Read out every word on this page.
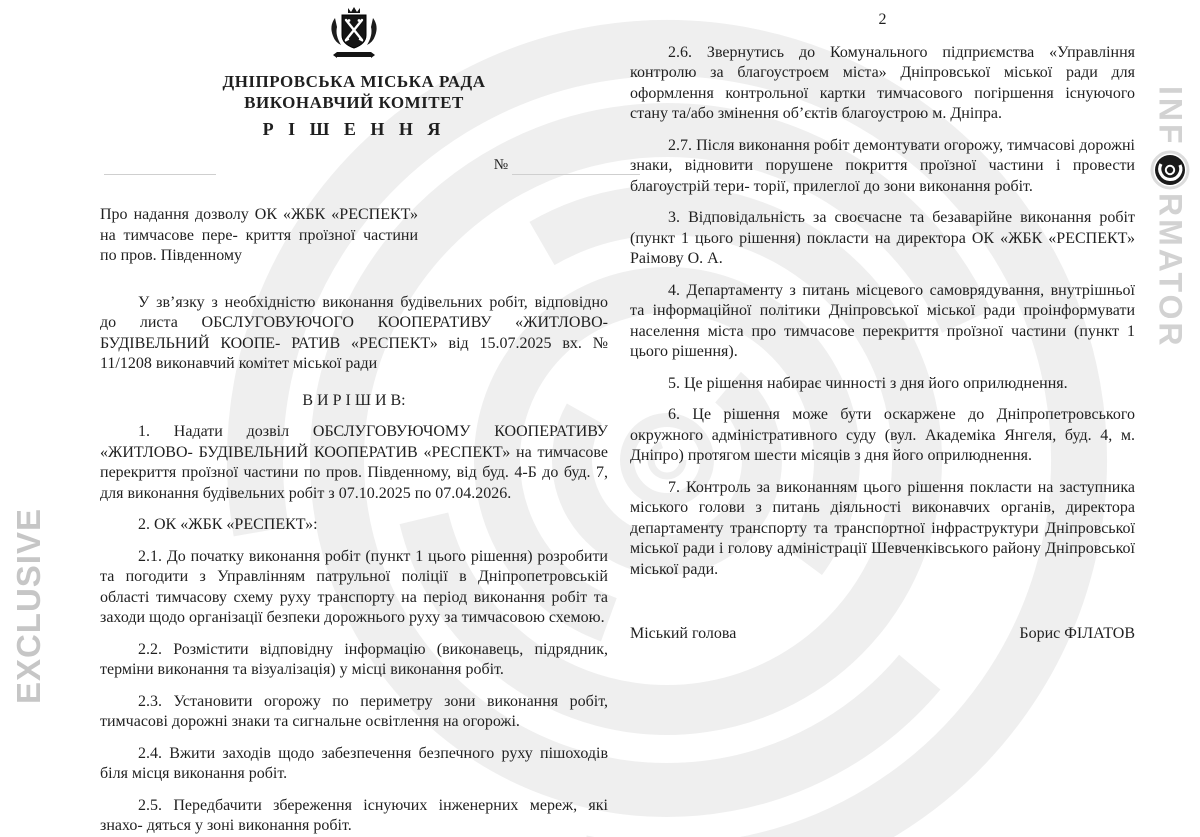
EXCLUSIVE
INF
RMATOR
ДНІПРОВСЬКА МІСЬКА РАДА
ВИКОНАВЧИЙ КОМІТЕТ
Р І Ш Е Н Н Я
№

Про надання дозволу ОК «ЖБК «РЕСПЕКТ» на тимчасове пере- криття проїзної частини по пров. Південному

У зв’язку з необхідністю виконання будівельних робіт, відповідно до листа ОБСЛУГОВУЮЧОГО КООПЕРАТИВУ «ЖИТЛОВО-БУДІВЕЛЬНИЙ КООПЕ- РАТИВ «РЕСПЕКТ» від 15.07.2025 вх. № 11/1208 виконавчий комітет міської ради

В И Р І Ш И В:

1. Надати дозвіл ОБСЛУГОВУЮЧОМУ КООПЕРАТИВУ «ЖИТЛОВО- БУДІВЕЛЬНИЙ КООПЕРАТИВ «РЕСПЕКТ» на тимчасове перекриття проїзної частини по пров. Південному, від буд. 4-Б до буд. 7, для виконання будівельних робіт з 07.10.2025 по 07.04.2026.

2. ОК «ЖБК «РЕСПЕКТ»:

2.1. До початку виконання робіт (пункт 1 цього рішення) розробити та погодити з Управлінням патрульної поліції в Дніпропетровській області тимчасову схему руху транспорту на період виконання робіт та заходи щодо організації безпеки дорожнього руху за тимчасовою схемою.

2.2. Розмістити відповідну інформацію (виконавець, підрядник, терміни виконання та візуалізація) у місці виконання робіт.

2.3. Установити огорожу по периметру зони виконання робіт, тимчасові дорожні знаки та сигнальне освітлення на огорожі.

2.4. Вжити заходів щодо забезпечення безпечного руху пішоходів біля місця виконання робіт.

2.5. Передбачити збереження існуючих інженерних мереж, які знахо- дяться у зоні виконання робіт.

2

2.6. Звернутись до Комунального підприємства «Управління контролю за благоустроєм міста» Дніпровської міської ради для оформлення контрольної картки тимчасового погіршення існуючого стану та/або змінення об’єктів благоустрою м. Дніпра.

2.7. Після виконання робіт демонтувати огорожу, тимчасові дорожні знаки, відновити порушене покриття проїзної частини і провести благоустрій тери- торії, прилеглої до зони виконання робіт.

3. Відповідальність за своєчасне та безаварійне виконання робіт (пункт 1 цього рішення) покласти на директора ОК «ЖБК «РЕСПЕКТ» Раімову О. А.

4. Департаменту з питань місцевого самоврядування, внутрішньої та інформаційної політики Дніпровської міської ради проінформувати населення міста про тимчасове перекриття проїзної частини (пункт 1 цього рішення).

5. Це рішення набирає чинності з дня його оприлюднення.

6. Це рішення може бути оскаржене до Дніпропетровського окружного адміністративного суду (вул. Академіка Янгеля, буд. 4, м. Дніпро) протягом шести місяців з дня його оприлюднення.

7. Контроль за виконанням цього рішення покласти на заступника міського голови з питань діяльності виконавчих органів, директора департаменту транспорту та транспортної інфраструктури Дніпровської міської ради і голову адміністрації Шевченківського району Дніпровської міської ради.

Міський голова	Борис ФІЛАТОВ
